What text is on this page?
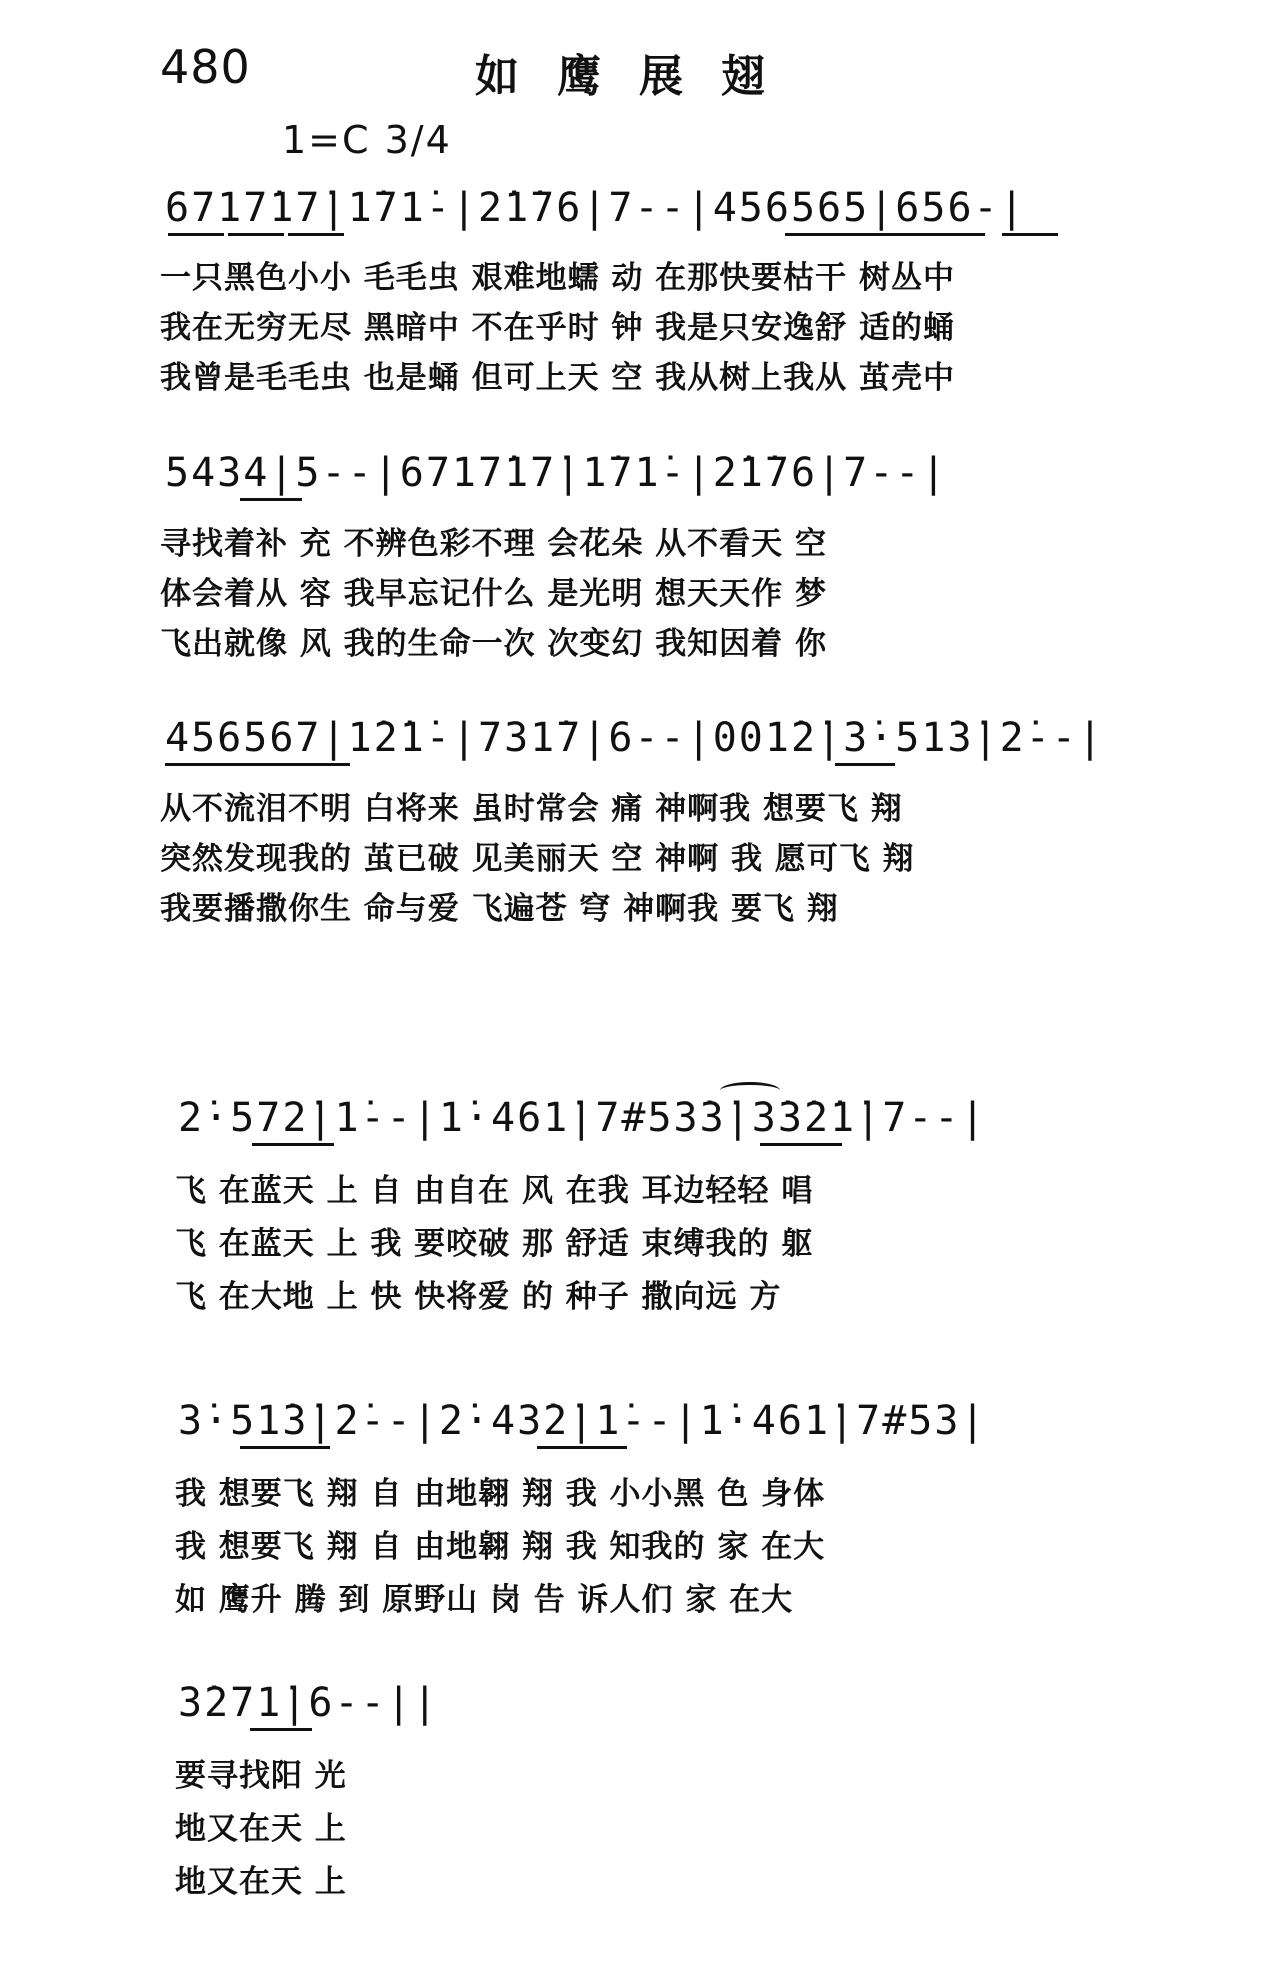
480	如鹰展翅
1=C 3/4
6717̇17̇|1̇71̇-|2̇1̇76|7--|456565|656-|
一只黑色小小 毛毛虫 艰难地蠕 动 在那快要枯干 树丛中
我在无穷无尽 黑暗中 不在乎时 钟 我是只安逸舒 适的蛹
我曾是毛毛虫 也是蛹 但可上天 空 我从树上我从 茧壳中
5434|5--|6717̇17̇|1̇71̇-|2̇1̇76|7--|
寻找着补 充 不辨色彩不理 会花朵 从不看天 空
体会着从 容 我早忘记什么 是光明 想天天作 梦
飞出就像 风 我的生命一次 次变幻 我知因着 你
456567|1̇2̇1̇-|731̇7|6--|001̇2̇|3̇·51̇3̇|2̇--|
从不流泪不明 白将来 虽时常会 痛 神啊我 想要飞 翔
突然发现我的 茧已破 见美丽天 空 神啊 我 愿可飞 翔
我要播撒你生 命与爱 飞遍苍 穹 神啊我 要飞 翔
2̇·572̇|1̇--|1̇·461̇|7#53̇3̇|3̇3̇2̇1̇|7--|
飞 在蓝天 上 自 由自在 风 在我 耳边轻轻 唱
飞 在蓝天 上 我 要咬破 那 舒适 束缚我的 躯
飞 在大地 上 快 快将爱 的 种子 撒向远 方
3̇·51̇3̇|2̇--|2̇·43̇2̇|1̇--|1̇·461̇|7#53|
我 想要飞 翔 自 由地翱 翔 我 小小黑 色 身体
我 想要飞 翔 自 由地翱 翔 我 知我的 家 在大
如 鹰升 腾 到 原野山 岗 告 诉人们 家 在大
3̇271̇|6--||
要寻找阳 光
地又在天 上
地又在天 上
